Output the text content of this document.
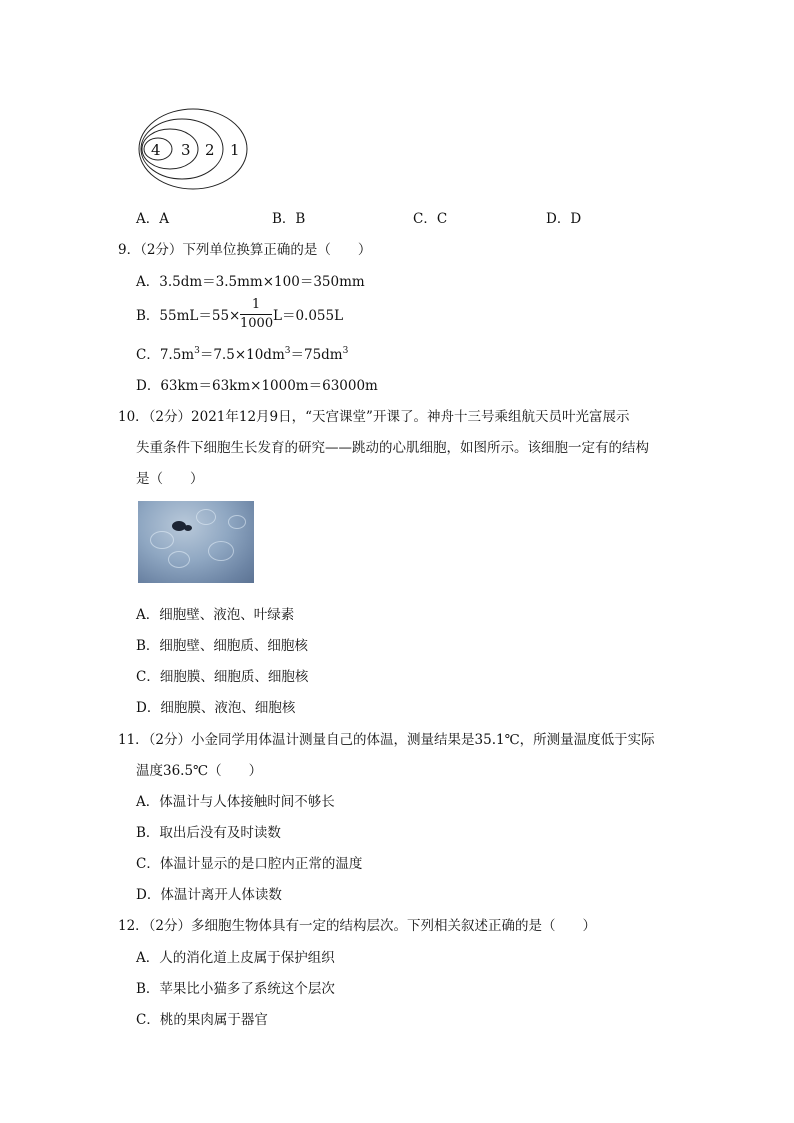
4 3 2 1
A．A	B．B	C．C	D．D
9．（2分）下列单位换算正确的是（　　）
A．3.5dm＝3.5mm×100＝350mm
B．55mL＝55×
1
1000 L＝0.055L
C．$7.5m^3=7.5\times 10dm^3=75dm^3$
D．63km＝63km×1000m＝63000m
10．（2分）2021年12月9日，“天宫课堂”开课了。神舟十三号乘组航天员叶光富展示
失重条件下细胞生长发育的研究——跳动的心肌细胞，如图所示。该细胞一定有的结构
是（　　）
A．细胞壁、液泡、叶绿素
B．细胞壁、细胞质、细胞核
C．细胞膜、细胞质、细胞核
D．细胞膜、液泡、细胞核
11．（2分）小金同学用体温计测量自己的体温，测量结果是35.1℃，所测量温度低于实际
温度36.5℃（　　）
A．体温计与人体接触时间不够长
B．取出后没有及时读数
C．体温计显示的是口腔内正常的温度
D．体温计离开人体读数
12．（2分）多细胞生物体具有一定的结构层次。下列相关叙述正确的是（　　）
A．人的消化道上皮属于保护组织
B．苹果比小猫多了系统这个层次
C．桃的果肉属于器官
